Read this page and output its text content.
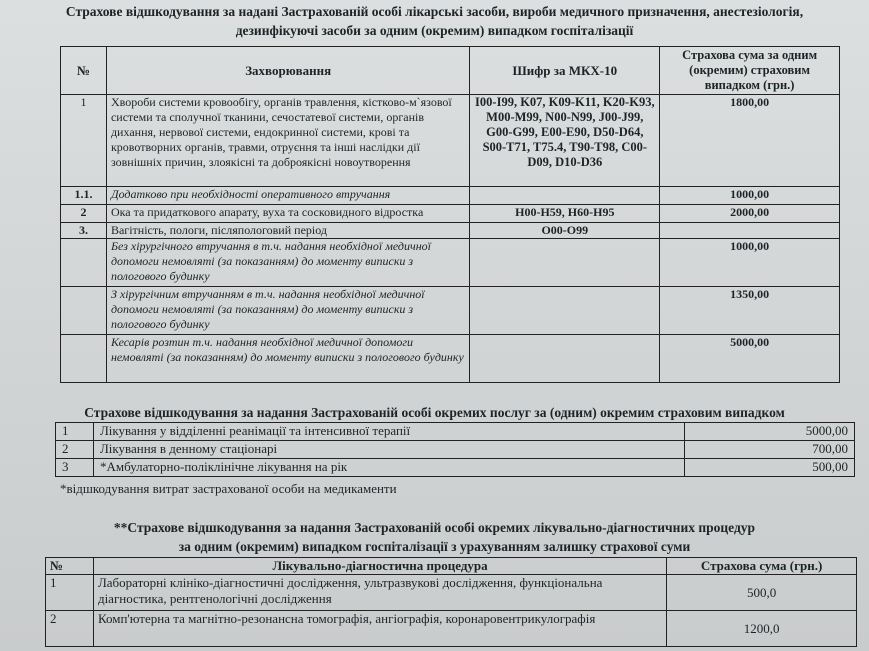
Страхове відшкодування за надані Застрахованій особі лікарські засоби, вироби медичного призначення, анестезіологія,
дезинфікуючі засоби за одним (окремим) випадком госпіталізації
№	Захворювання	Шифр за МКХ-10	Страхова сума за одним (окремим) страховим випадком (грн.)
1	Хвороби системи кровообігу, органів травлення, кістково-м`язової системи та сполучної тканини, сечостатевої системи, органів дихання, нервової системи, ендокринної системи, крові та кровотворних органів, травми, отруєння та інші наслідки дії зовнішніх причин, злоякісні та доброякісні новоутворення	I00-I99, K07, K09-K11, K20-K93, M00-M99, N00-N99, J00-J99, G00-G99, E00-E90, D50-D64, S00-T71, T75.4, T90-T98, C00- D09, D10-D36	1800,00
1.1.	Додатково при необхідності оперативного втручання		1000,00
2	Ока та придаткового апарату, вуха та сосковидного відростка	H00-H59, H60-H95	2000,00
3.	Вагітність, пологи, післяпологовий період	O00-O99	
	Без хірургічного втручання в т.ч. надання необхідної медичної допомоги немовляті (за показанням) до моменту виписки з пологового будинку		1000,00
	З хірургічним втручанням в т.ч. надання необхідної медичної допомоги немовляті (за показанням) до моменту виписки з пологового будинку		1350,00
	Кесарів розтин т.ч. надання необхідної медичної допомоги немовляті (за показанням) до моменту виписки з пологового будинку		5000,00
Страхове відшкодування за надання Застрахованій особі окремих послуг за (одним) окремим страховим випадком
1	Лікування у відділенні реанімації та інтенсивної терапії	5000,00
2	Лікування в денному стаціонарі	700,00
3	*Амбулаторно-поліклінічне лікування на рік	500,00
*відшкодування витрат застрахованої особи на медикаменти
**Страхове відшкодування за надання Застрахованій особі окремих лікувально-діагностичних процедур
за одним (окремим) випадком госпіталізації з урахуванням залишку страхової суми
№	Лікувально-діагностична процедура	Страхова сума (грн.)
1	Лабораторні клініко-діагностичні дослідження, ультразвукові дослідження, функціональна діагностика, рентгенологічні дослідження	500,0
2	Комп'ютерна та магнітно-резонансна томографія, ангіографія, коронаровентрикулографія	1200,0
